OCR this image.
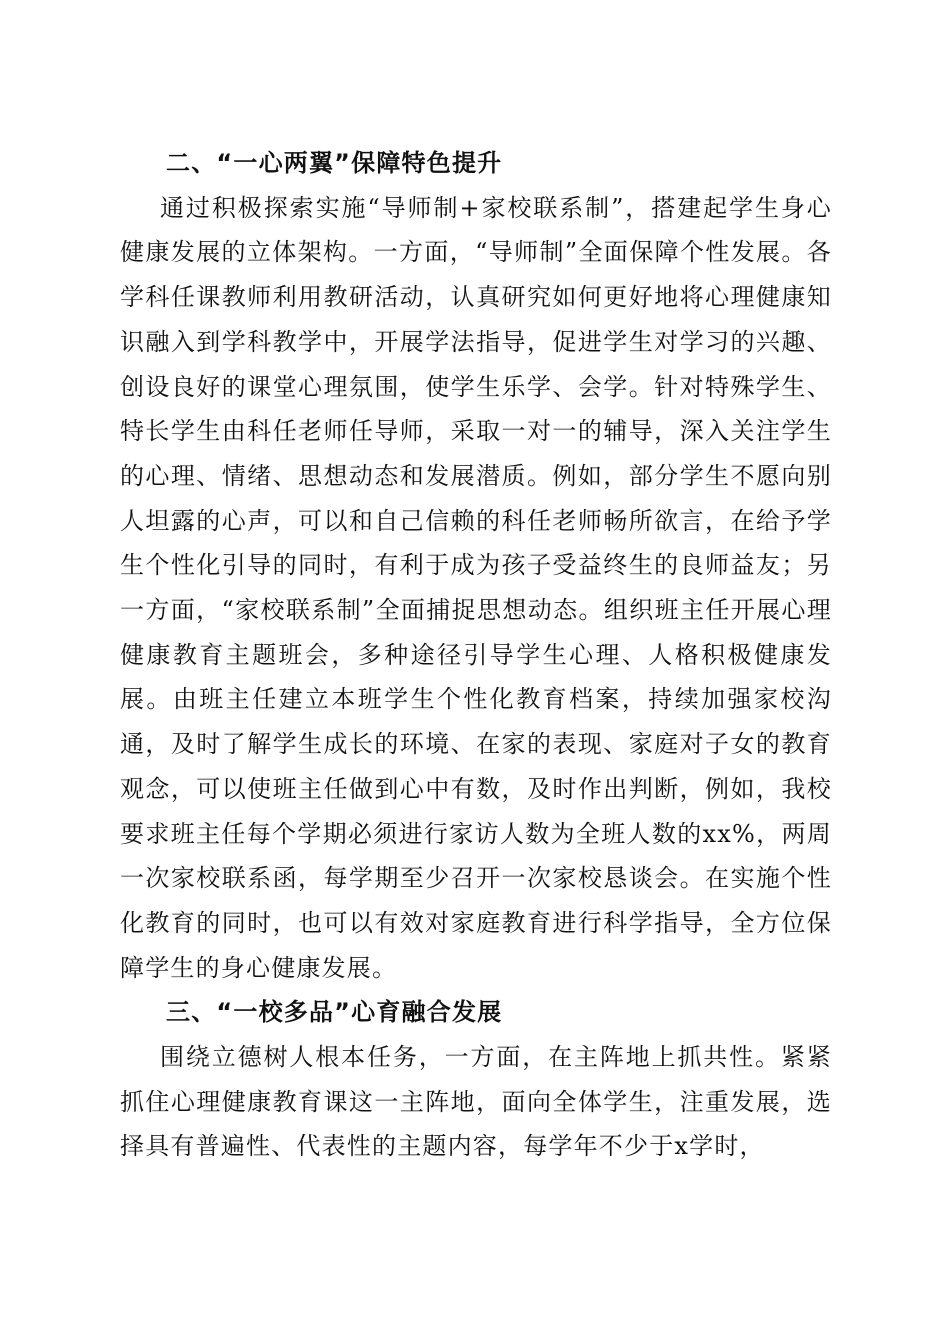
二、“一心两翼”保障特色提升

通过积极探索实施“导师制+家校联系制”，搭建起学生身心健康发展的立体架构。一方面，“导师制”全面保障个性发展。各学科任课教师利用教研活动，认真研究如何更好地将心理健康知识融入到学科教学中，开展学法指导，促进学生对学习的兴趣、创设良好的课堂心理氛围，使学生乐学、会学。针对特殊学生、特长学生由科任老师任导师，采取一对一的辅导，深入关注学生的心理、情绪、思想动态和发展潜质。例如，部分学生不愿向别人坦露的心声，可以和自己信赖的科任老师畅所欲言，在给予学生个性化引导的同时，有利于成为孩子受益终生的良师益友；另一方面，“家校联系制”全面捕捉思想动态。组织班主任开展心理健康教育主题班会，多种途径引导学生心理、人格积极健康发展。由班主任建立本班学生个性化教育档案，持续加强家校沟通，及时了解学生成长的环境、在家的表现、家庭对子女的教育观念，可以使班主任做到心中有数，及时作出判断，例如，我校要求班主任每个学期必须进行家访人数为全班人数的xx%，两周一次家校联系函，每学期至少召开一次家校恳谈会。在实施个性化教育的同时，也可以有效对家庭教育进行科学指导，全方位保障学生的身心健康发展。

三、“一校多品”心育融合发展

围绕立德树人根本任务，一方面，在主阵地上抓共性。紧紧抓住心理健康教育课这一主阵地，面向全体学生，注重发展，选择具有普遍性、代表性的主题内容，每学年不少于x学时，
